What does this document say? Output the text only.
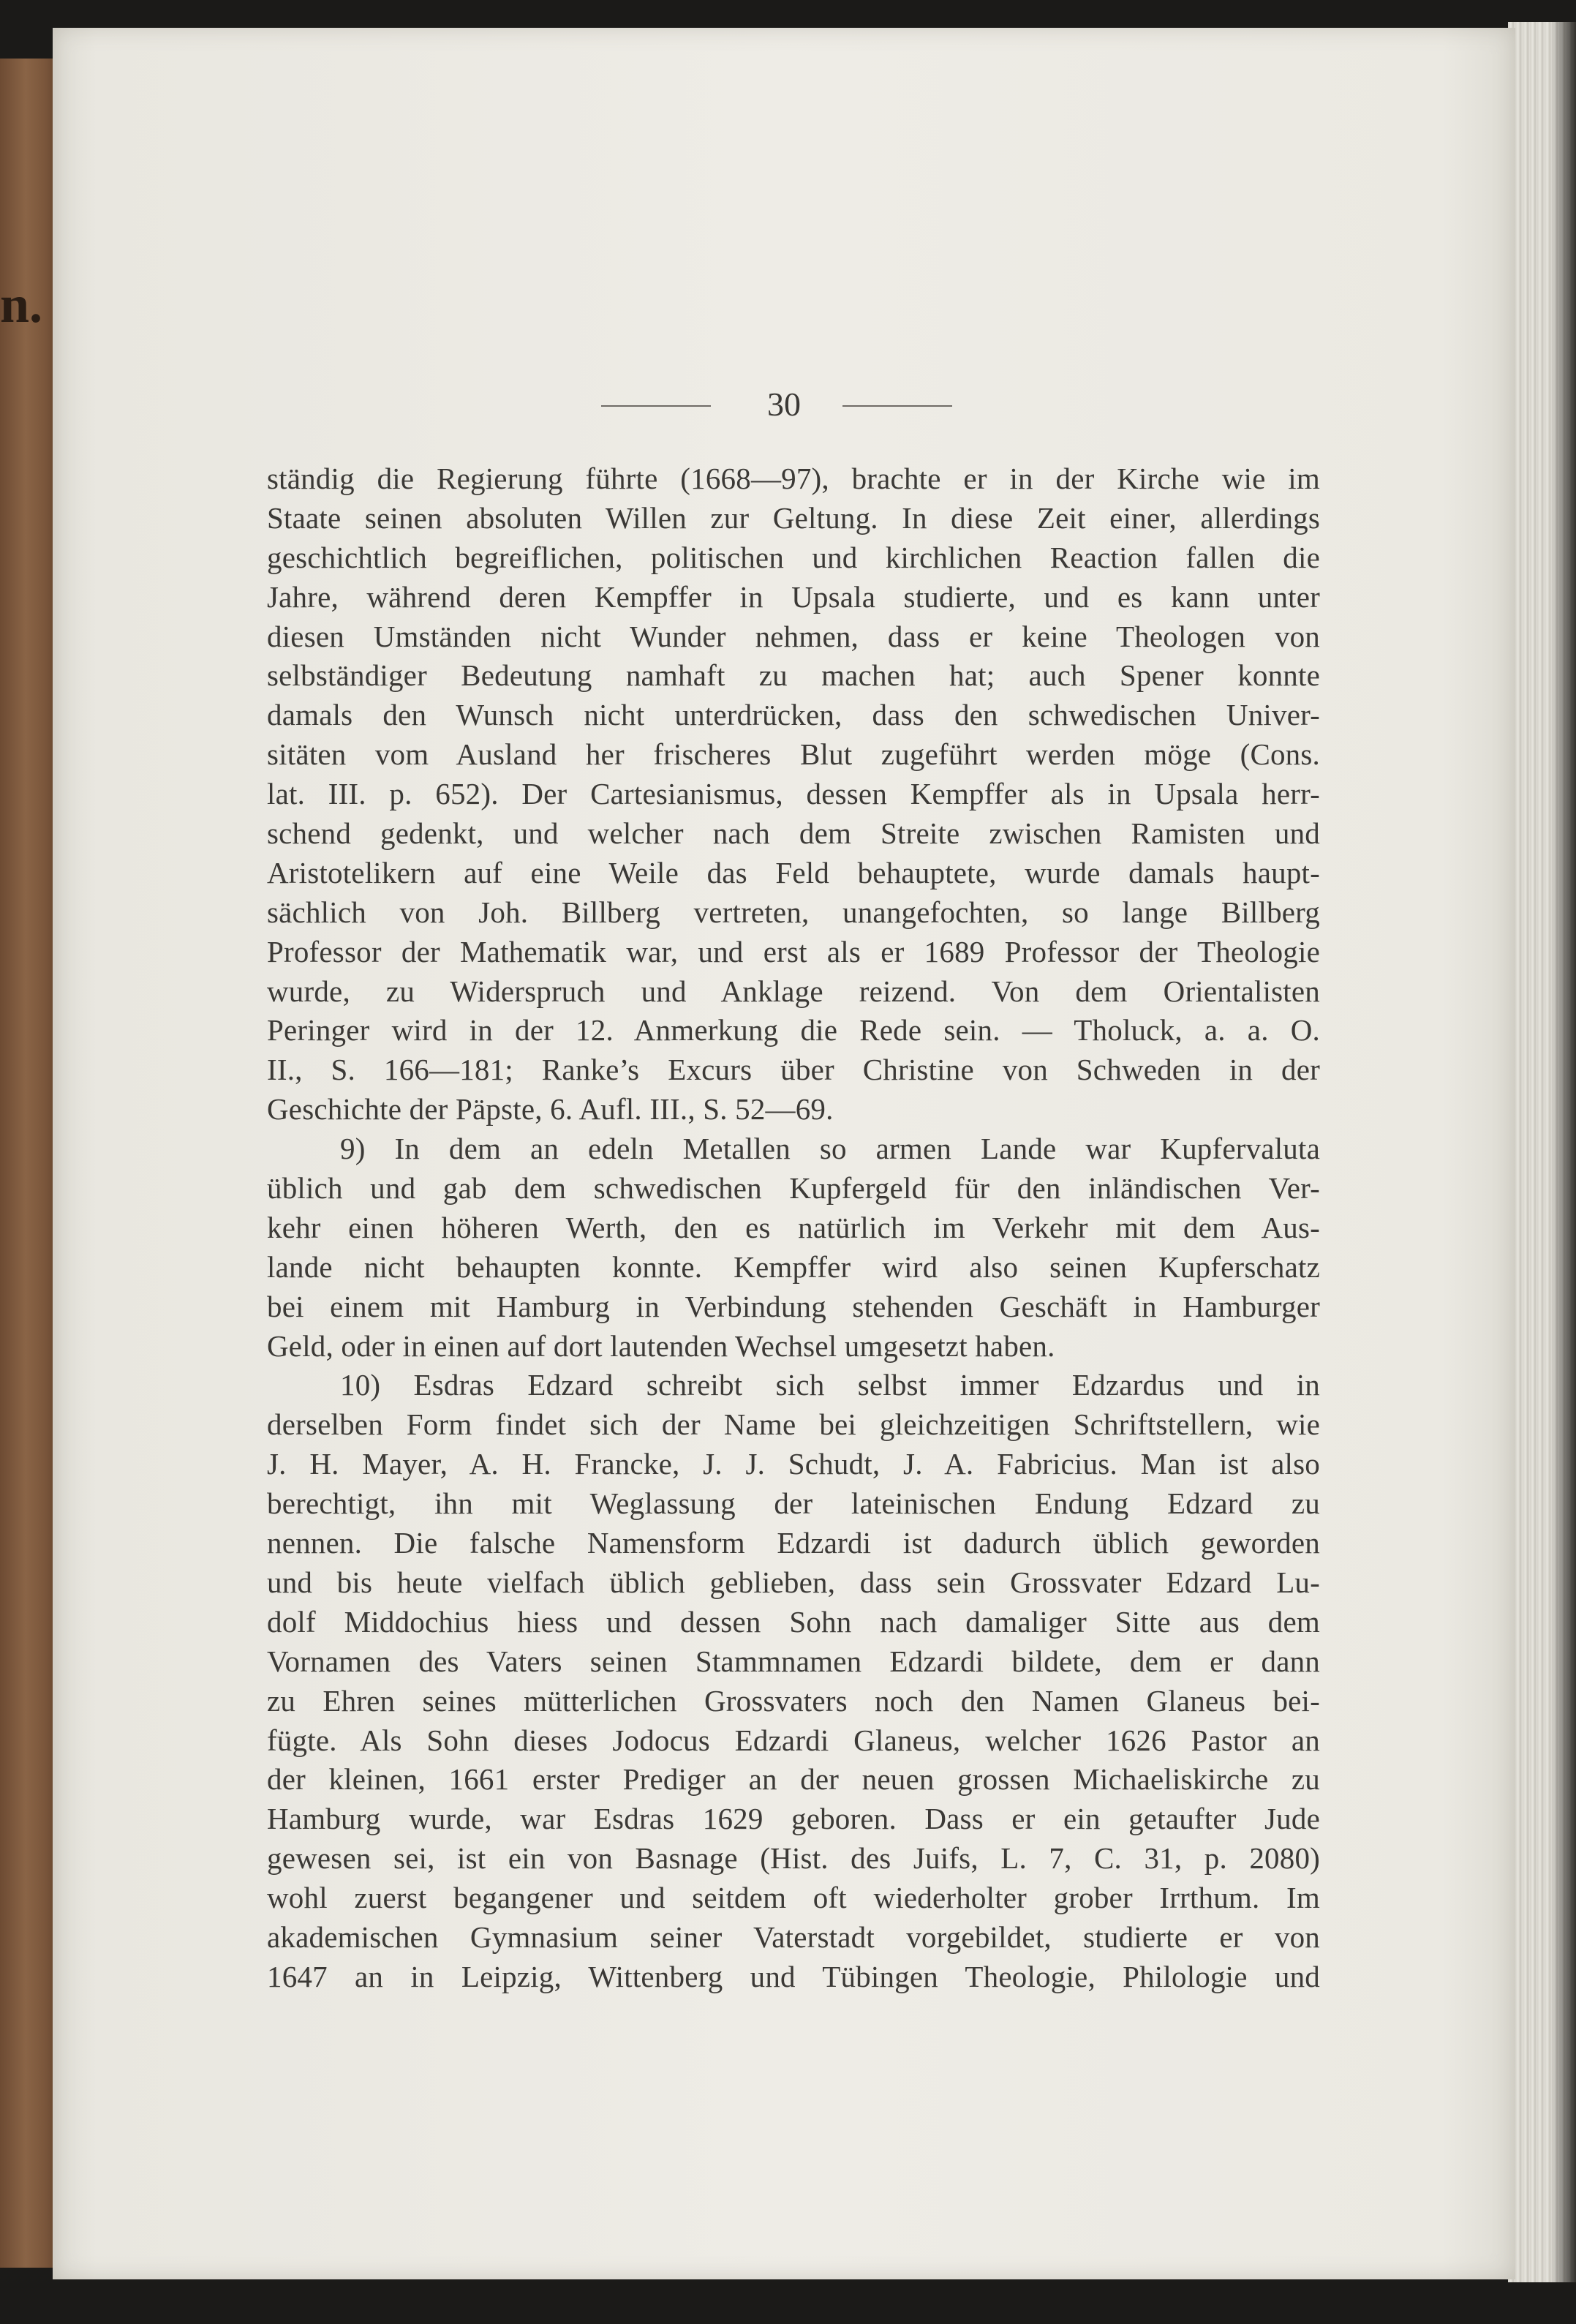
n.
30
ständig die Regierung führte (1668—97), brachte er in der Kirche wie im
Staate seinen absoluten Willen zur Geltung. In diese Zeit einer, allerdings
geschichtlich begreiflichen, politischen und kirchlichen Reaction fallen die
Jahre, während deren Kempffer in Upsala studierte, und es kann unter
diesen Umständen nicht Wunder nehmen, dass er keine Theologen von
selbständiger Bedeutung namhaft zu machen hat; auch Spener konnte
damals den Wunsch nicht unterdrücken, dass den schwedischen Univer-
sitäten vom Ausland her frischeres Blut zugeführt werden möge (Cons.
lat. III. p. 652). Der Cartesianismus, dessen Kempffer als in Upsala herr-
schend gedenkt, und welcher nach dem Streite zwischen Ramisten und
Aristotelikern auf eine Weile das Feld behauptete, wurde damals haupt-
sächlich von Joh. Billberg vertreten, unangefochten, so lange Billberg
Professor der Mathematik war, und erst als er 1689 Professor der Theologie
wurde, zu Widerspruch und Anklage reizend. Von dem Orientalisten
Peringer wird in der 12. Anmerkung die Rede sein. — Tholuck, a. a. O.
II., S. 166—181; Ranke’s Excurs über Christine von Schweden in der
Geschichte der Päpste, 6. Aufl. III., S. 52—69.
9) In dem an edeln Metallen so armen Lande war Kupfervaluta
üblich und gab dem schwedischen Kupfergeld für den inländischen Ver-
kehr einen höheren Werth, den es natürlich im Verkehr mit dem Aus-
lande nicht behaupten konnte. Kempffer wird also seinen Kupferschatz
bei einem mit Hamburg in Verbindung stehenden Geschäft in Hamburger
Geld, oder in einen auf dort lautenden Wechsel umgesetzt haben.
10) Esdras Edzard schreibt sich selbst immer Edzardus und in
derselben Form findet sich der Name bei gleichzeitigen Schriftstellern, wie
J. H. Mayer, A. H. Francke, J. J. Schudt, J. A. Fabricius. Man ist also
berechtigt, ihn mit Weglassung der lateinischen Endung Edzard zu
nennen. Die falsche Namensform Edzardi ist dadurch üblich geworden
und bis heute vielfach üblich geblieben, dass sein Grossvater Edzard Lu-
dolf Middochius hiess und dessen Sohn nach damaliger Sitte aus dem
Vornamen des Vaters seinen Stammnamen Edzardi bildete, dem er dann
zu Ehren seines mütterlichen Grossvaters noch den Namen Glaneus bei-
fügte. Als Sohn dieses Jodocus Edzardi Glaneus, welcher 1626 Pastor an
der kleinen, 1661 erster Prediger an der neuen grossen Michaeliskirche zu
Hamburg wurde, war Esdras 1629 geboren. Dass er ein getaufter Jude
gewesen sei, ist ein von Basnage (Hist. des Juifs, L. 7, C. 31, p. 2080)
wohl zuerst begangener und seitdem oft wiederholter grober Irrthum. Im
akademischen Gymnasium seiner Vaterstadt vorgebildet, studierte er von
1647 an in Leipzig, Wittenberg und Tübingen Theologie, Philologie und
